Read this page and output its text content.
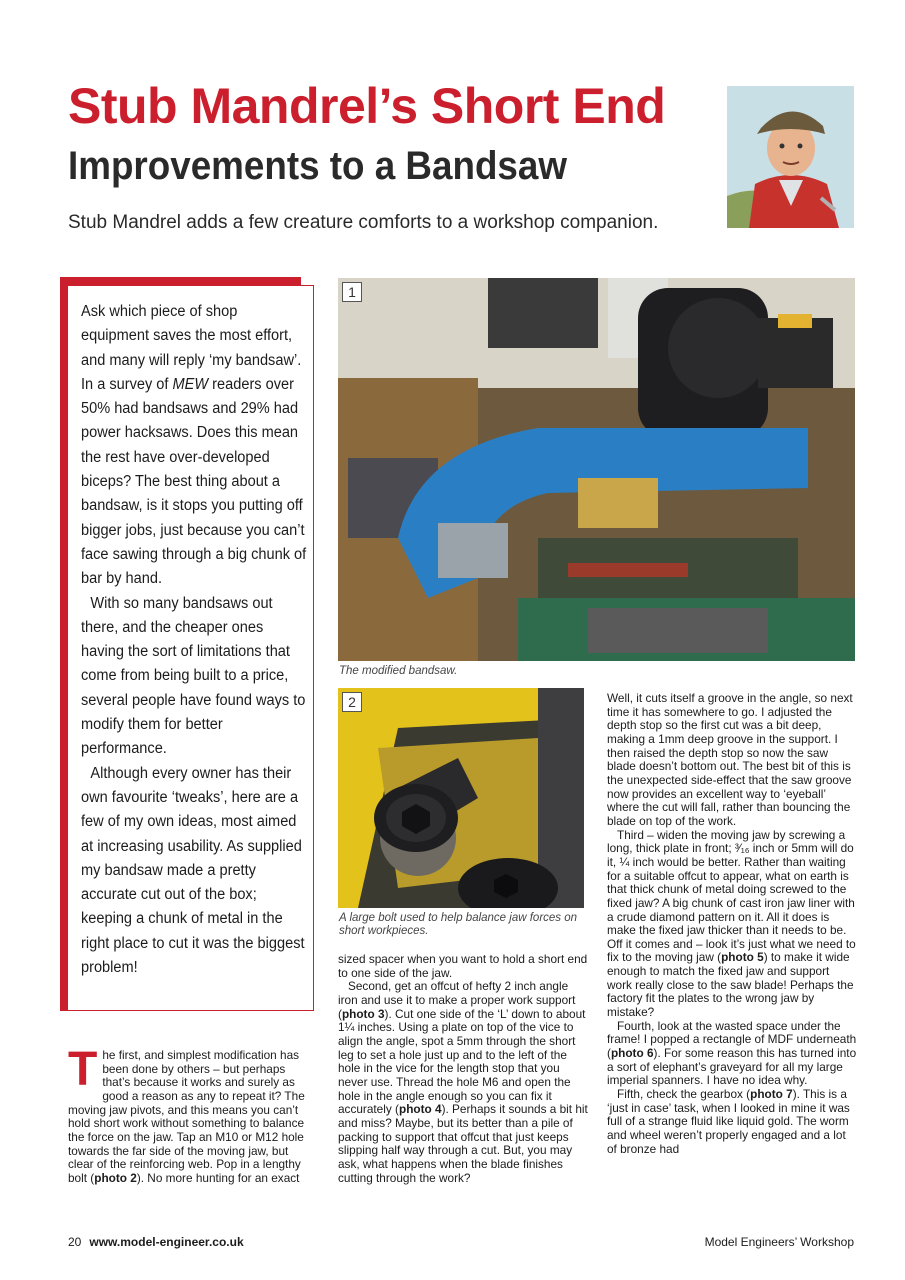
Stub Mandrel’s Short End
Improvements to a Bandsaw

Stub Mandrel adds a few creature comforts to a workshop companion.

Ask which piece of shop equipment saves the most effort, and many will reply ‘my bandsaw’. In a survey of MEW readers over 50% had bandsaws and 29% had power hacksaws. Does this mean the rest have over-developed biceps? The best thing about a bandsaw, is it stops you putting off bigger jobs, just because you can’t face sawing through a big chunk of bar by hand.

With so many bandsaws out there, and the cheaper ones having the sort of limitations that come from being built to a price, several people have found ways to modify them for better performance.

Although every owner has their own favourite ‘tweaks’, here are a few of my own ideas, most aimed at increasing usability. As supplied my bandsaw made a pretty accurate cut out of the box; keeping a chunk of metal in the right place to cut it was the biggest problem!

1
The modified bandsaw.
2
A large bolt used to help balance jaw forces on short workpieces.

The first, and simplest modification has been done by others – but perhaps that’s because it works and surely as good a reason as any to repeat it? The moving jaw pivots, and this means you can’t hold short work without something to balance the force on the jaw. Tap an M10 or M12 hole towards the far side of the moving jaw, but clear of the reinforcing web. Pop in a lengthy bolt (photo 2). No more hunting for an exact

sized spacer when you want to hold a short end to one side of the jaw.

Second, get an offcut of hefty 2 inch angle iron and use it to make a proper work support (photo 3). Cut one side of the ‘L’ down to about 1¼ inches. Using a plate on top of the vice to align the angle, spot a 5mm through the short leg to set a hole just up and to the left of the hole in the vice for the length stop that you never use. Thread the hole M6 and open the hole in the angle enough so you can fix it accurately (photo 4). Perhaps it sounds a bit hit and miss? Maybe, but its better than a pile of packing to support that offcut that just keeps slipping half way through a cut. But, you may ask, what happens when the blade finishes cutting through the work?

Well, it cuts itself a groove in the angle, so next time it has somewhere to go. I adjusted the depth stop so the first cut was a bit deep, making a 1mm deep groove in the support. I then raised the depth stop so now the saw blade doesn’t bottom out. The best bit of this is the unexpected side-effect that the saw groove now provides an excellent way to ‘eyeball’ where the cut will fall, rather than bouncing the blade on top of the work.

Third – widen the moving jaw by screwing a long, thick plate in front; ³⁄₁₆ inch or 5mm will do it, ¼ inch would be better. Rather than waiting for a suitable offcut to appear, what on earth is that thick chunk of metal doing screwed to the fixed jaw? A big chunk of cast iron jaw liner with a crude diamond pattern on it. All it does is make the fixed jaw thicker than it needs to be. Off it comes and – look it’s just what we need to fix to the moving jaw (photo 5) to make it wide enough to match the fixed jaw and support work really close to the saw blade! Perhaps the factory fit the plates to the wrong jaw by mistake?

Fourth, look at the wasted space under the frame! I popped a rectangle of MDF underneath (photo 6). For some reason this has turned into a sort of elephant’s graveyard for all my large imperial spanners. I have no idea why.

Fifth, check the gearbox (photo 7). This is a ‘just in case’ task, when I looked in mine it was full of a strange fluid like liquid gold. The worm and wheel weren’t properly engaged and a lot of bronze had

20 www.model-engineer.co.uk	Model Engineers’ Workshop
